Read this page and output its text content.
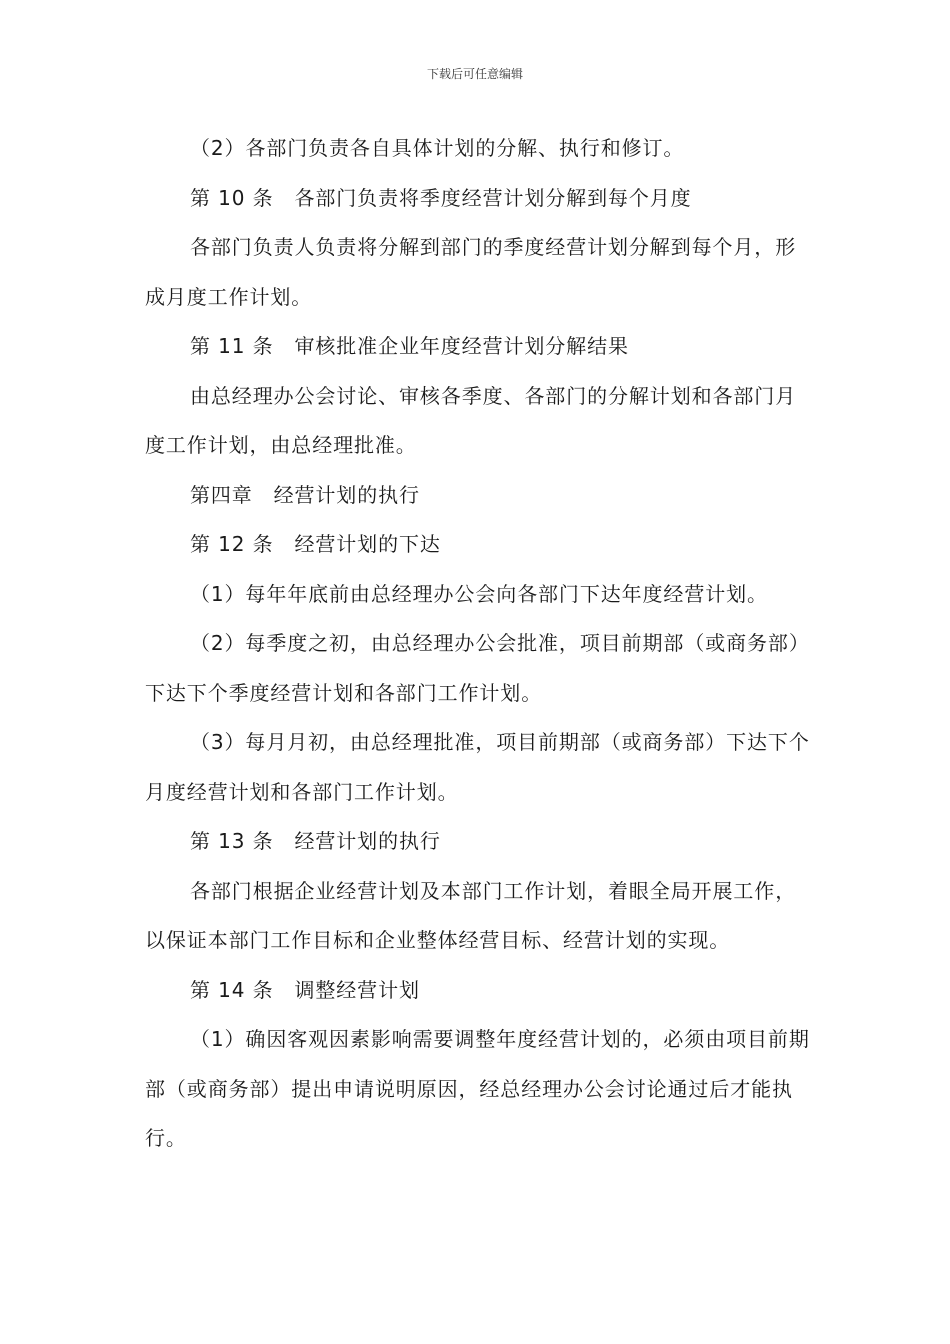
下载后可任意编辑

（2）各部门负责各自具体计划的分解、执行和修订。

第 10 条　各部门负责将季度经营计划分解到每个月度

各部门负责人负责将分解到部门的季度经营计划分解到每个月，形成月度工作计划。

第 11 条　审核批准企业年度经营计划分解结果

由总经理办公会讨论、审核各季度、各部门的分解计划和各部门月度工作计划，由总经理批准。

第四章　经营计划的执行

第 12 条　经营计划的下达

（1）每年年底前由总经理办公会向各部门下达年度经营计划。

（2）每季度之初，由总经理办公会批准，项目前期部（或商务部）下达下个季度经营计划和各部门工作计划。

（3）每月月初，由总经理批准，项目前期部（或商务部）下达下个月度经营计划和各部门工作计划。

第 13 条　经营计划的执行

各部门根据企业经营计划及本部门工作计划，着眼全局开展工作，以保证本部门工作目标和企业整体经营目标、经营计划的实现。

第 14 条　调整经营计划

（1）确因客观因素影响需要调整年度经营计划的，必须由项目前期部（或商务部）提出申请说明原因，经总经理办公会讨论通过后才能执行。
